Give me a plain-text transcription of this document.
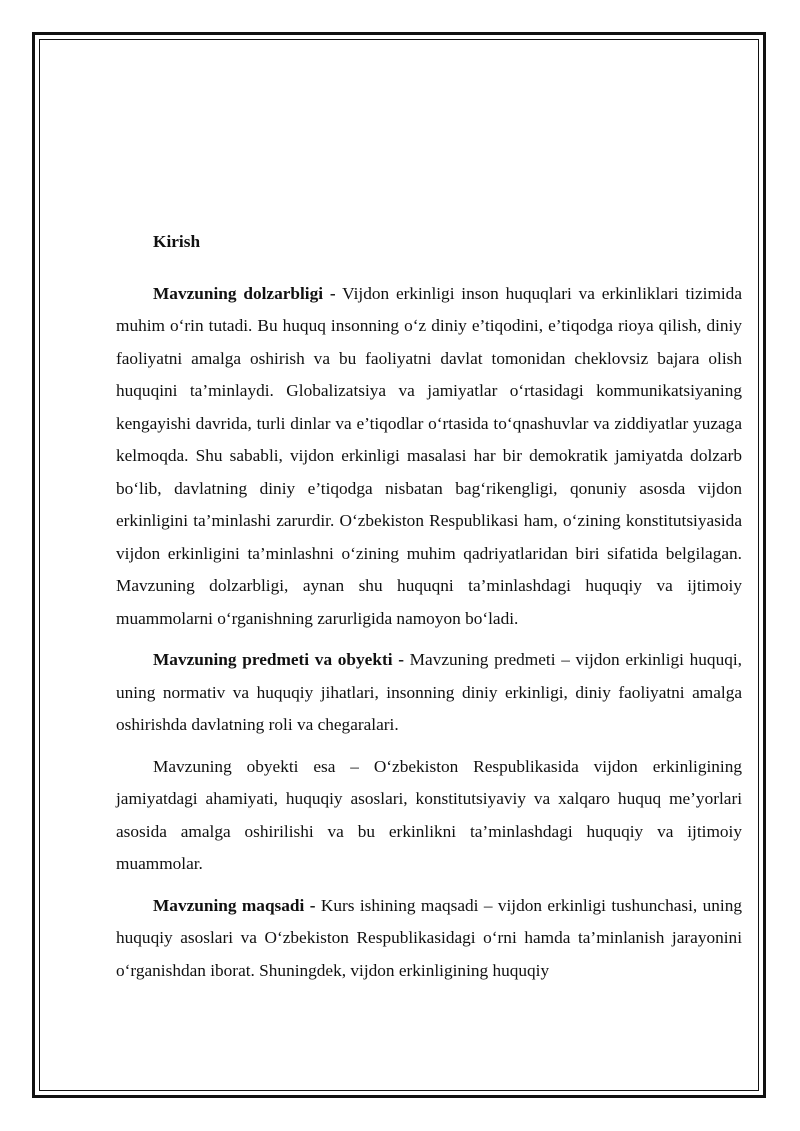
Kirish

Mavzuning dolzarbligi - Vijdon erkinligi inson huquqlari va erkinliklari tizimida muhim o‘rin tutadi. Bu huquq insonning o‘z diniy e’tiqodini, e’tiqodga rioya qilish, diniy faoliyatni amalga oshirish va bu faoliyatni davlat tomonidan cheklovsiz bajara olish huquqini ta’minlaydi. Globalizatsiya va jamiyatlar o‘rtasidagi kommunikatsiyaning kengayishi davrida, turli dinlar va e’tiqodlar o‘rtasida to‘qnashuvlar va ziddiyatlar yuzaga kelmoqda. Shu sababli, vijdon erkinligi masalasi har bir demokratik jamiyatda dolzarb bo‘lib, davlatning diniy e’tiqodga nisbatan bag‘rikengligi, qonuniy asosda vijdon erkinligini ta’minlashi zarurdir. O‘zbekiston Respublikasi ham, o‘zining konstitutsiyasida vijdon erkinligini ta’minlashni o‘zining muhim qadriyatlaridan biri sifatida belgilagan. Mavzuning dolzarbligi, aynan shu huquqni ta’minlashdagi huquqiy va ijtimoiy muammolarni o‘rganishning zarurligida namoyon bo‘ladi.

Mavzuning predmeti va obyekti - Mavzuning predmeti – vijdon erkinligi huquqi, uning normativ va huquqiy jihatlari, insonning diniy erkinligi, diniy faoliyatni amalga oshirishda davlatning roli va chegaralari.

Mavzuning obyekti esa – O‘zbekiston Respublikasida vijdon erkinligining jamiyatdagi ahamiyati, huquqiy asoslari, konstitutsiyaviy va xalqaro huquq me’yorlari asosida amalga oshirilishi va bu erkinlikni ta’minlashdagi huquqiy va ijtimoiy muammolar.

Mavzuning maqsadi - Kurs ishining maqsadi – vijdon erkinligi tushunchasi, uning huquqiy asoslari va O‘zbekiston Respublikasidagi o‘rni hamda ta’minlanish jarayonini o‘rganishdan iborat. Shuningdek, vijdon erkinligining huquqiy
